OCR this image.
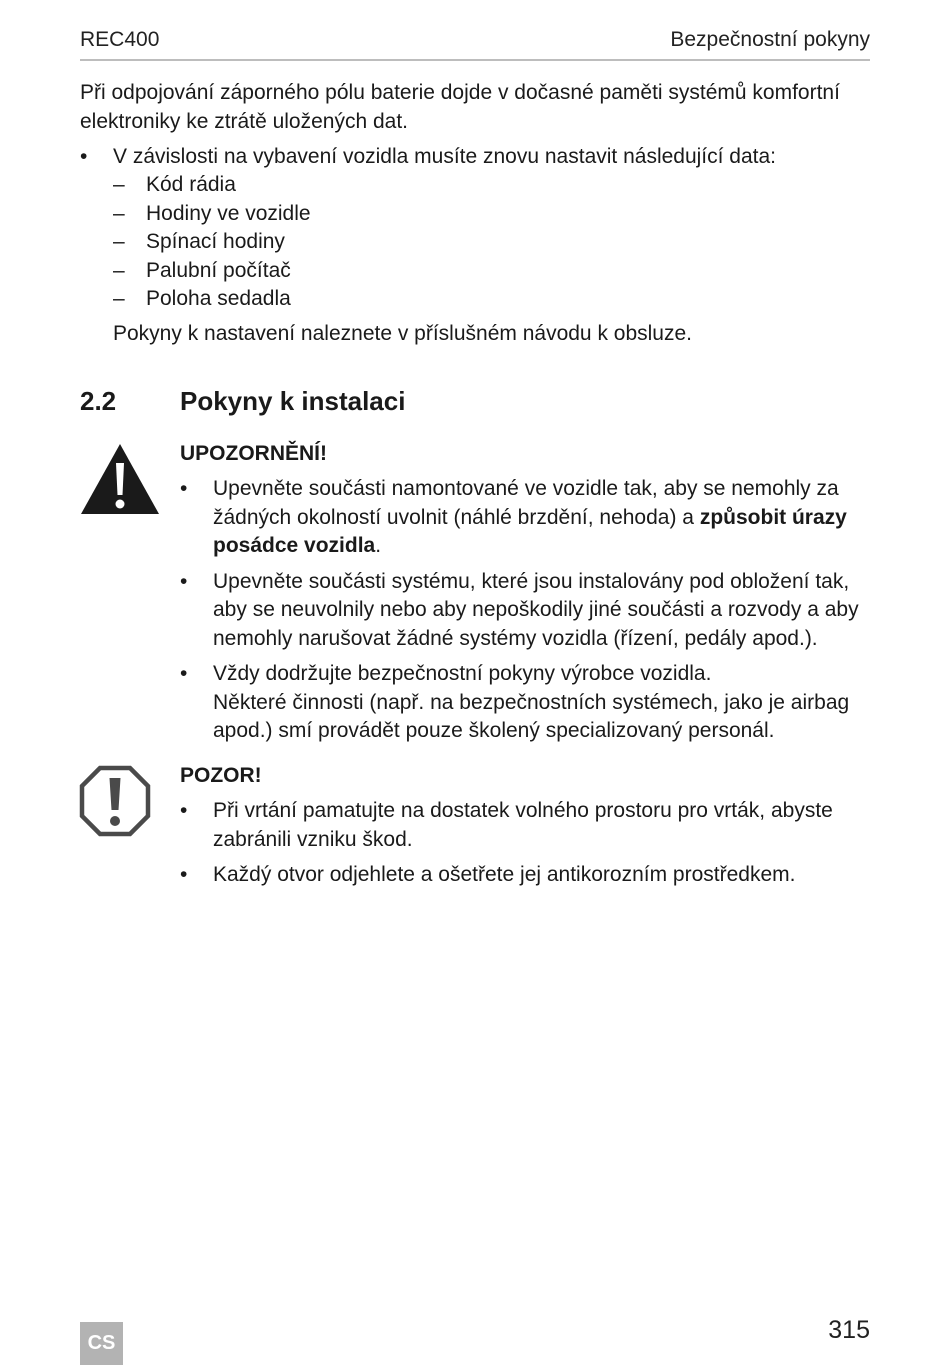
REC400	Bezpečnostní pokyny

Při odpojování záporného pólu baterie dojde v dočasné paměti systémů komfortní elektroniky ke ztrátě uložených dat.

•	V závislosti na vybavení vozidla musíte znovu nastavit následující data:
–	Kód rádia
–	Hodiny ve vozidle
–	Spínací hodiny
–	Palubní počítač
–	Poloha sedadla

Pokyny k nastavení naleznete v příslušném návodu k obsluze.

2.2	Pokyny k instalaci
UPOZORNĚNÍ!
•	Upevněte součásti namontované ve vozidle tak, aby se nemohly za žádných okolností uvolnit (náhlé brzdění, nehoda) a způsobit úrazy posádce vozidla.
•	Upevněte součásti systému, které jsou instalovány pod obložení tak, aby se neuvolnily nebo aby nepoškodily jiné součásti a rozvody a aby nemohly narušovat žádné systémy vozidla (řízení, pedály apod.).
•	Vždy dodržujte bezpečnostní pokyny výrobce vozidla.
Některé činnosti (např. na bezpečnostních systémech, jako je airbag apod.) smí provádět pouze školený specializovaný personál.
POZOR!
•	Při vrtání pamatujte na dostatek volného prostoru pro vrták, abyste zabránili vzniku škod.
•	Každý otvor odjehlete a ošetřete jej antikorozním prostředkem.
CS	315
